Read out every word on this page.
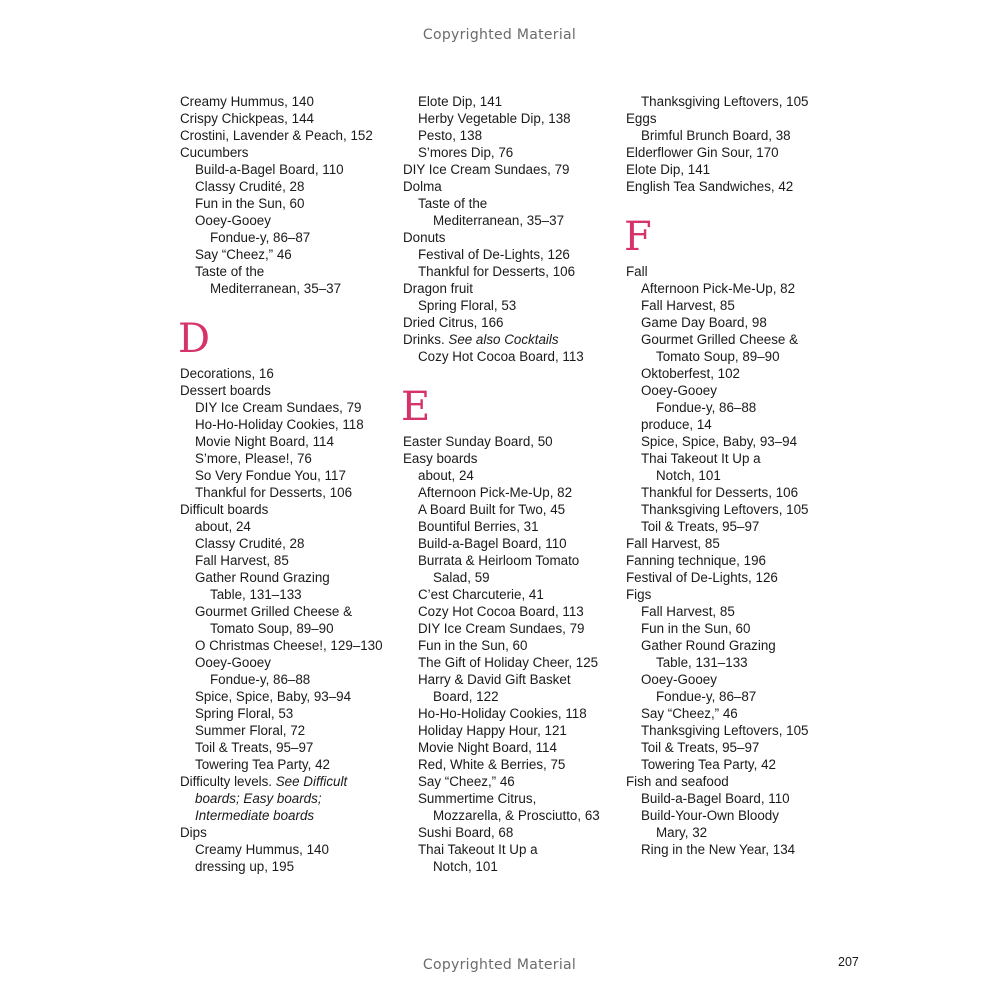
Copyrighted Material
Creamy Hummus, 140
Crispy Chickpeas, 144
Crostini, Lavender & Peach, 152
Cucumbers
Build-a-Bagel Board, 110
Classy Crudité, 28
Fun in the Sun, 60
Ooey-Gooey
Fondue-y, 86–87
Say “Cheez,” 46
Taste of the
Mediterranean, 35–37
D
Decorations, 16
Dessert boards
DIY Ice Cream Sundaes, 79
Ho-Ho-Holiday Cookies, 118
Movie Night Board, 114
S’more, Please!, 76
So Very Fondue You, 117
Thankful for Desserts, 106
Difficult boards
about, 24
Classy Crudité, 28
Fall Harvest, 85
Gather Round Grazing
Table, 131–133
Gourmet Grilled Cheese &
Tomato Soup, 89–90
O Christmas Cheese!, 129–130
Ooey-Gooey
Fondue-y, 86–88
Spice, Spice, Baby, 93–94
Spring Floral, 53
Summer Floral, 72
Toil & Treats, 95–97
Towering Tea Party, 42
Difficulty levels. See Difficult
boards; Easy boards;
Intermediate boards
Dips
Creamy Hummus, 140
dressing up, 195
Elote Dip, 141
Herby Vegetable Dip, 138
Pesto, 138
S’mores Dip, 76
DIY Ice Cream Sundaes, 79
Dolma
Taste of the
Mediterranean, 35–37
Donuts
Festival of De-Lights, 126
Thankful for Desserts, 106
Dragon fruit
Spring Floral, 53
Dried Citrus, 166
Drinks. See also Cocktails
Cozy Hot Cocoa Board, 113
E
Easter Sunday Board, 50
Easy boards
about, 24
Afternoon Pick-Me-Up, 82
A Board Built for Two, 45
Bountiful Berries, 31
Build-a-Bagel Board, 110
Burrata & Heirloom Tomato
Salad, 59
C’est Charcuterie, 41
Cozy Hot Cocoa Board, 113
DIY Ice Cream Sundaes, 79
Fun in the Sun, 60
The Gift of Holiday Cheer, 125
Harry & David Gift Basket
Board, 122
Ho-Ho-Holiday Cookies, 118
Holiday Happy Hour, 121
Movie Night Board, 114
Red, White & Berries, 75
Say “Cheez,” 46
Summertime Citrus,
Mozzarella, & Prosciutto, 63
Sushi Board, 68
Thai Takeout It Up a
Notch, 101
Thanksgiving Leftovers, 105
Eggs
Brimful Brunch Board, 38
Elderflower Gin Sour, 170
Elote Dip, 141
English Tea Sandwiches, 42
F
Fall
Afternoon Pick-Me-Up, 82
Fall Harvest, 85
Game Day Board, 98
Gourmet Grilled Cheese &
Tomato Soup, 89–90
Oktoberfest, 102
Ooey-Gooey
Fondue-y, 86–88
produce, 14
Spice, Spice, Baby, 93–94
Thai Takeout It Up a
Notch, 101
Thankful for Desserts, 106
Thanksgiving Leftovers, 105
Toil & Treats, 95–97
Fall Harvest, 85
Fanning technique, 196
Festival of De-Lights, 126
Figs
Fall Harvest, 85
Fun in the Sun, 60
Gather Round Grazing
Table, 131–133
Ooey-Gooey
Fondue-y, 86–87
Say “Cheez,” 46
Thanksgiving Leftovers, 105
Toil & Treats, 95–97
Towering Tea Party, 42
Fish and seafood
Build-a-Bagel Board, 110
Build-Your-Own Bloody
Mary, 32
Ring in the New Year, 134
Copyrighted Material	207
